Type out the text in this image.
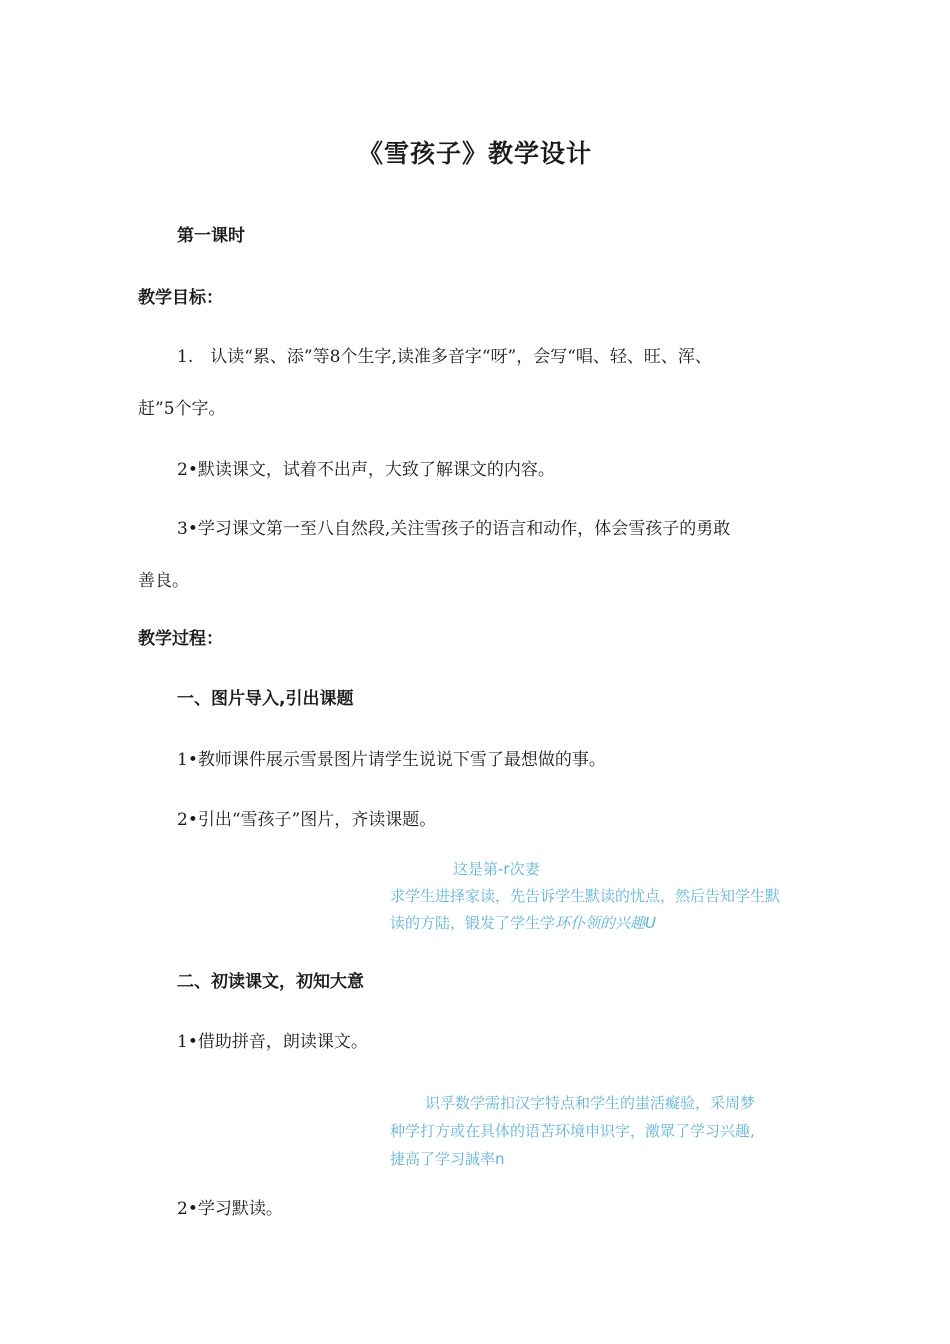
《雪孩子》教学设计
第一课时
教学目标：
1.　认读“累、添”等8个生字,读准多音字“呀”，会写“唱、轻、旺、浑、
赶”5个字。
2•默读课文，试着不出声，大致了解课文的内容。
3•学习课文第一至八自然段,关注雪孩子的语言和动作，体会雪孩子的勇敢
善良。
教学过程：
一、图片导入,引出课题
1•教师课件展示雪景图片请学生说说下雪了最想做的事。
2•引出“雪孩子”图片，齐读课题。
这是第-r次妻
求学生进择家读，先告诉学生默读的忧点，然后告知学生默
读的方陆，锻发了学生学环仆领的兴趣U
二、初读课文，初知大意
1•借助拼音，朗读课文。
识孚数学需扣汉字特点和学生的蚩活癡验，采周梦
种学打方或在具体的语苫环境申识字，激眾了学习兴趣,
捷高了学习誠率n
2•学习默读。
